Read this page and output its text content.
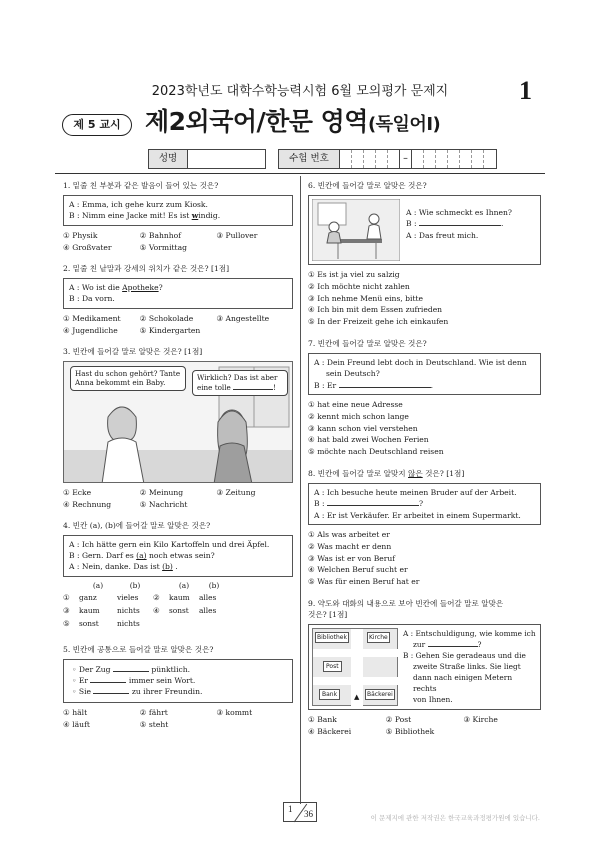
2023학년도 대학수학능력시험 6월 모의평가 문제지	1
제 5 교시 제2외국어/한문 영역(독일어Ⅰ)
성명	수험 번호	–
1. 밑줄 친 부분과 같은 발음이 들어 있는 것은?
A : Emma, ich gehe kurz zum Kiosk.
B : Nimm eine Jacke mit! Es ist windig.
① Physik	② Bahnhof	③ Pullover
④ Großvater	⑤ Vormittag
2. 밑줄 친 낱말과 강세의 위치가 같은 것은? [1점]
A : Wo ist die Apotheke?
B : Da vorn.
① Medikament	② Schokolade	③ Angestellte
④ Jugendliche	⑤ Kindergarten
3. 빈칸에 들어갈 말로 알맞은 것은? [1점]
Hast du schon gehört? Tante Anna bekommt ein Baby.
Wirklich? Das ist aber
eine tolle	!
① Ecke	② Meinung	③ Zeitung
④ Rechnung	⑤ Nachricht
4. 빈칸 (a), (b)에 들어갈 말로 알맞은 것은?
A : Ich hätte gern ein Kilo Kartoffeln und drei Äpfel.
B : Gern. Darf es (a) noch etwas sein?
A : Nein, danke. Das ist (b) .
(a)	(b)	(a)	(b)
①	ganz	vieles	②	kaum	alles
③	kaum	nichts	④	sonst	alles
⑤	sonst	nichts
5. 빈칸에 공통으로 들어갈 말로 알맞은 것은?
◦ Der Zug	pünktlich.
◦ Er	immer sein Wort.
◦ Sie	zu ihrer Freundin.
① hält	② fährt	③ kommt
④ läuft	⑤ steht
6. 빈칸에 들어갈 말로 알맞은 것은?
A : Wie schmeckt es Ihnen?
B :	.
A : Das freut mich.
① Es ist ja viel zu salzig
② Ich möchte nicht zahlen
③ Ich nehme Menü eins, bitte
④ Ich bin mit dem Essen zufrieden
⑤ In der Freizeit gehe ich einkaufen
7. 빈칸에 들어갈 말로 알맞은 것은?
A : Dein Freund lebt doch in Deutschland. Wie ist denn
sein Deutsch?
B : Er	.
① hat eine neue Adresse
② kennt mich schon lange
③ kann schon viel verstehen
④ hat bald zwei Wochen Ferien
⑤ möchte nach Deutschland reisen
8. 빈칸에 들어갈 말로 알맞지 않은 것은? [1점]
A : Ich besuche heute meinen Bruder auf der Arbeit.
B :	?
A : Er ist Verkäufer. Er arbeitet in einem Supermarkt.
① Als was arbeitet er
② Was macht er denn
③ Was ist er von Beruf
④ Welchen Beruf sucht er
⑤ Was für einen Beruf hat er
9. 약도와 대화의 내용으로 보아 빈칸에 들어갈 말로 알맞은
것은? [1점]
Bibliothek	Kirche
Post
Bank	Bäckerei
▲
A : Entschuldigung, wie komme ich
zur	?
B : Gehen Sie geradeaus und die
zweite Straße links. Sie liegt
dann nach einigen Metern rechts
von Ihnen.
① Bank	② Post	③ Kirche
④ Bäckerei	⑤ Bibliothek
1 36	이 문제지에 관한 저작권은 한국교육과정평가원에 있습니다.
